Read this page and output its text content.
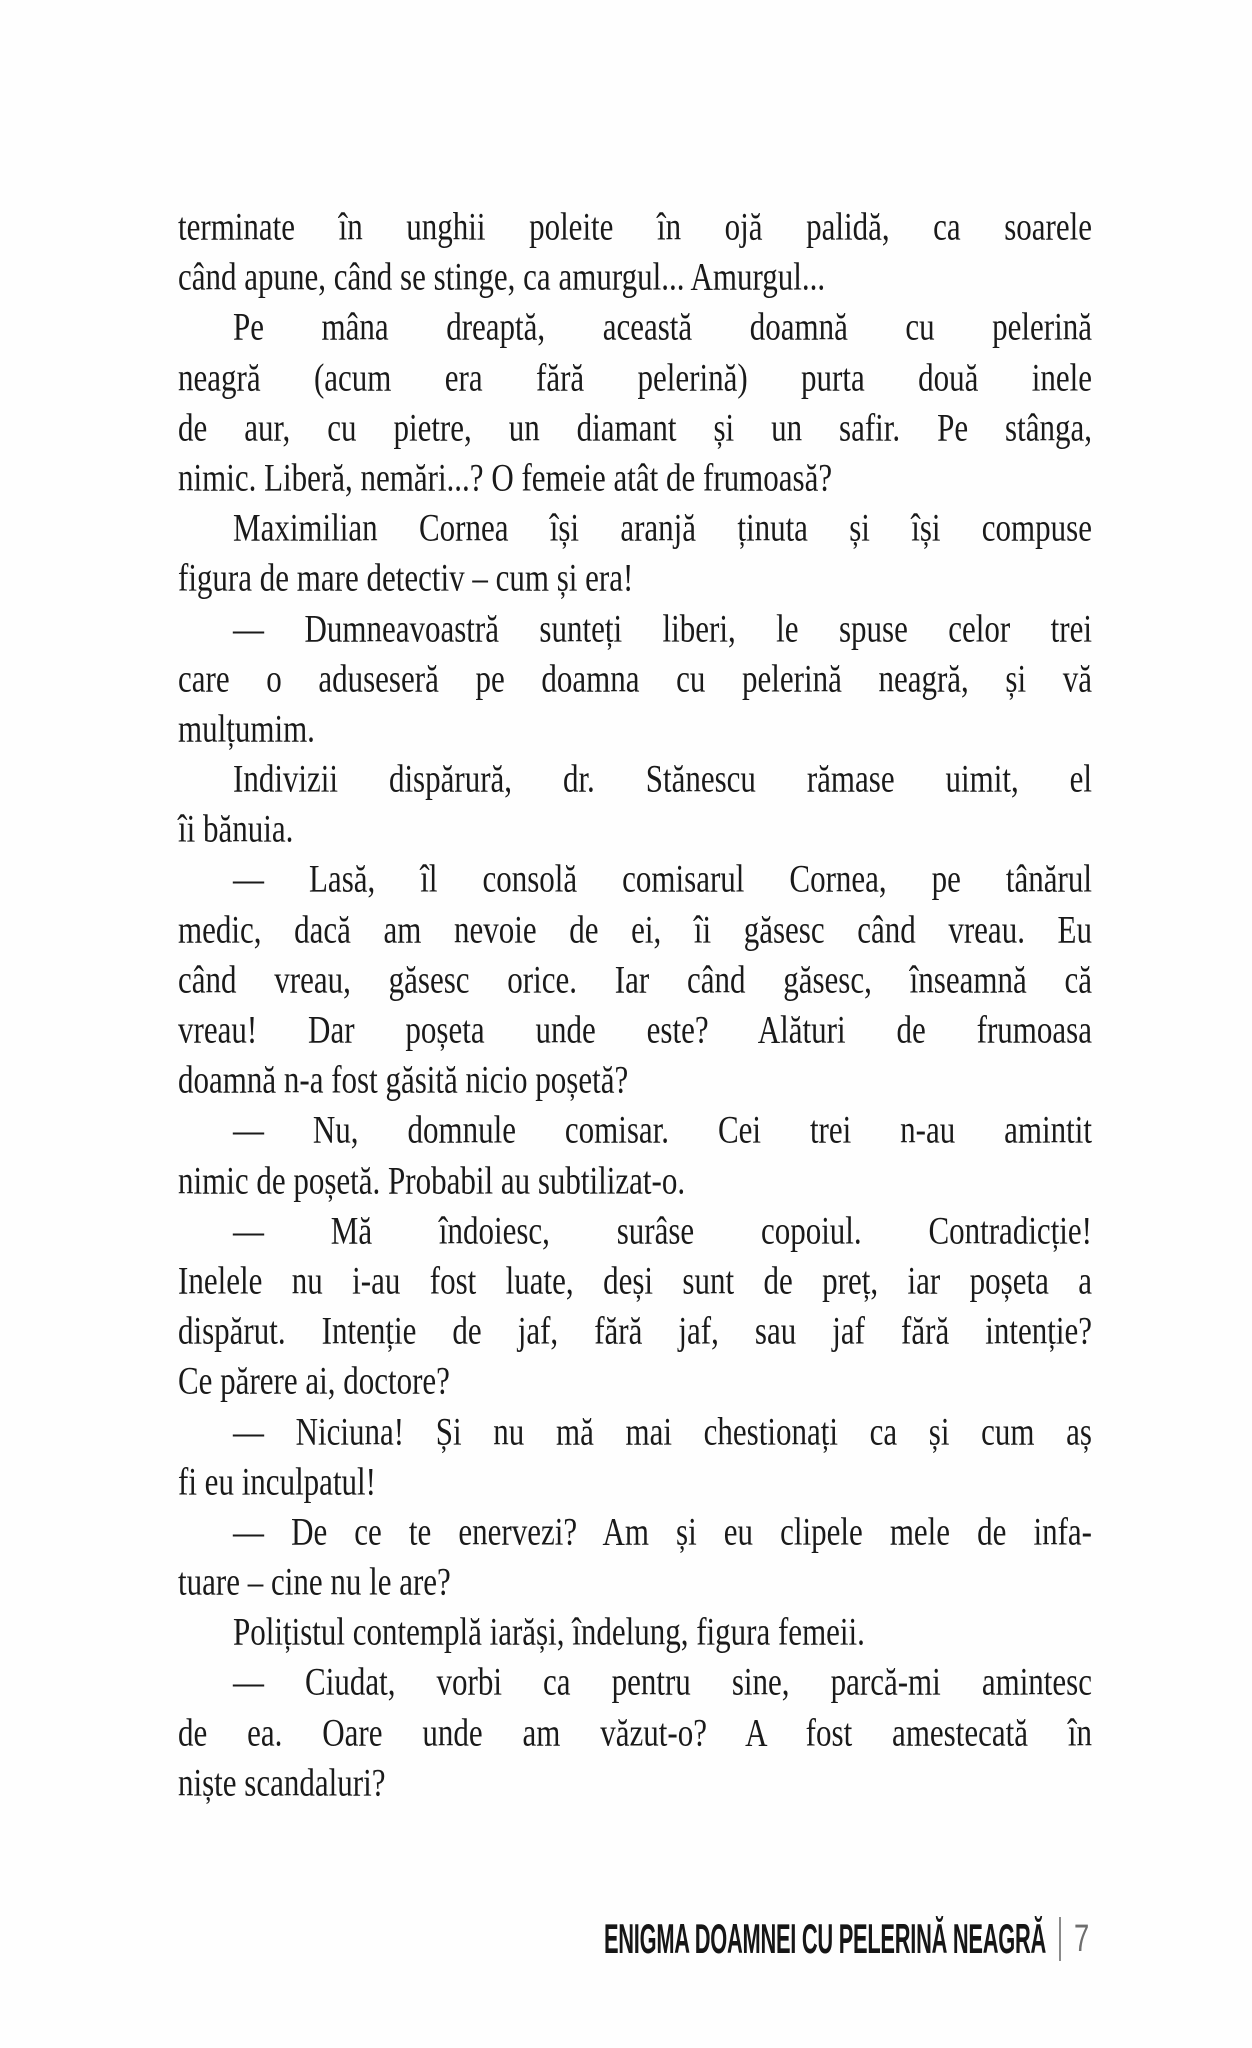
terminate în unghii poleite în ojă palidă, ca soarele
când apune, când se stinge, ca amurgul... Amurgul...
Pe mâna dreaptă, această doamnă cu pelerină
neagră (acum era fără pelerină) purta două inele
de aur, cu pietre, un diamant și un safir. Pe stânga,
nimic. Liberă, nemări...? O femeie atât de frumoasă?
Maximilian Cornea își aranjă ținuta și își compuse
figura de mare detectiv – cum și era!
— Dumneavoastră sunteți liberi, le spuse celor trei
care o aduseseră pe doamna cu pelerină neagră, și vă
mulțumim.
Indivizii dispărură, dr. Stănescu rămase uimit, el
îi bănuia.
— Lasă, îl consolă comisarul Cornea, pe tânărul
medic, dacă am nevoie de ei, îi găsesc când vreau. Eu
când vreau, găsesc orice. Iar când găsesc, înseamnă că
vreau! Dar poșeta unde este? Alături de frumoasa
doamnă n-a fost găsită nicio poșetă?
— Nu, domnule comisar. Cei trei n-au amintit
nimic de poșetă. Probabil au subtilizat-o.
— Mă îndoiesc, surâse copoiul. Contradicție!
Inelele nu i-au fost luate, deși sunt de preț, iar poșeta a
dispărut. Intenție de jaf, fără jaf, sau jaf fără intenție?
Ce părere ai, doctore?
— Niciuna! Și nu mă mai chestionați ca și cum aș
fi eu inculpatul!
— De ce te enervezi? Am și eu clipele mele de infa-
tuare – cine nu le are?
Polițistul contemplă iarăși, îndelung, figura femeii.
— Ciudat, vorbi ca pentru sine, parcă-mi amintesc
de ea. Oare unde am văzut-o? A fost amestecată în
niște scandaluri?
ENIGMA DOAMNEI CU PELERINĂ NEAGRĂ 7
